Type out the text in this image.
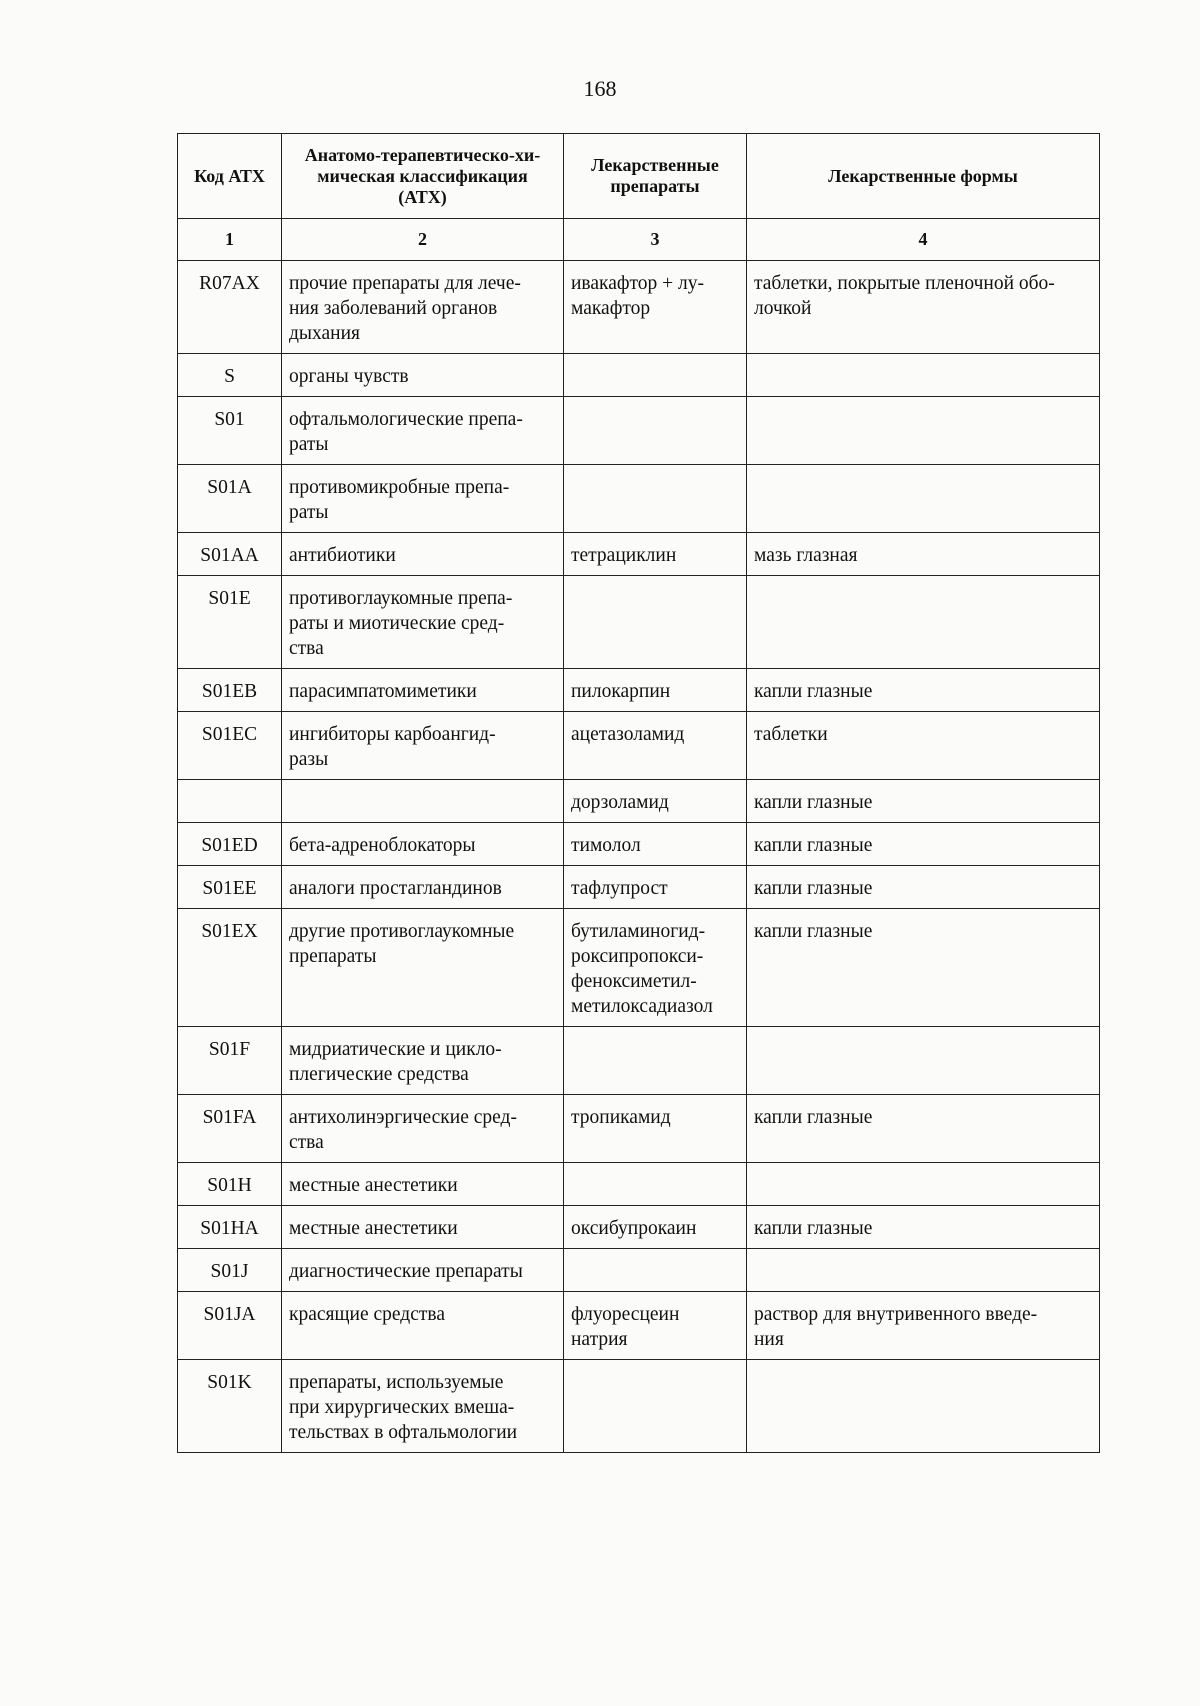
168
Код АТХ	Анатомо-терапевтическо-хи-
мическая классификация
(АТХ)	Лекарственные
препараты	Лекарственные формы

1	2	3	4
R07AX	прочие препараты для лече-
ния заболеваний органов
дыхания	ивакафтор + лу-
макафтор	таблетки, покрытые пленочной обо-
лочкой

S	органы чувств		

S01	офтальмологические препа-
раты		

S01A	противомикробные препа-
раты		

S01AA	антибиотики	тетрациклин	мазь глазная

S01E	противоглаукомные препа-
раты и миотические сред-
ства		

S01EB	парасимпатомиметики	пилокарпин	капли глазные

S01EC	ингибиторы карбоангид-
разы	ацетазоламид	таблетки

		дорзоламид	капли глазные

S01ED	бета-адреноблокаторы	тимолол	капли глазные

S01EE	аналоги простагландинов	тафлупрост	капли глазные

S01EX	другие противоглаукомные
препараты	бутиламиногид-
роксипропокси-
феноксиметил-
метилоксадиазол	капли глазные

S01F	мидриатические и цикло-
плегические средства		

S01FA	антихолинэргические сред-
ства	тропикамид	капли глазные

S01H	местные анестетики		

S01HA	местные анестетики	оксибупрокаин	капли глазные

S01J	диагностические препараты		

S01JA	красящие средства	флуоресцеин
натрия	раствор для внутривенного введе-
ния

S01K	препараты, используемые
при хирургических вмеша-
тельствах в офтальмологии		
